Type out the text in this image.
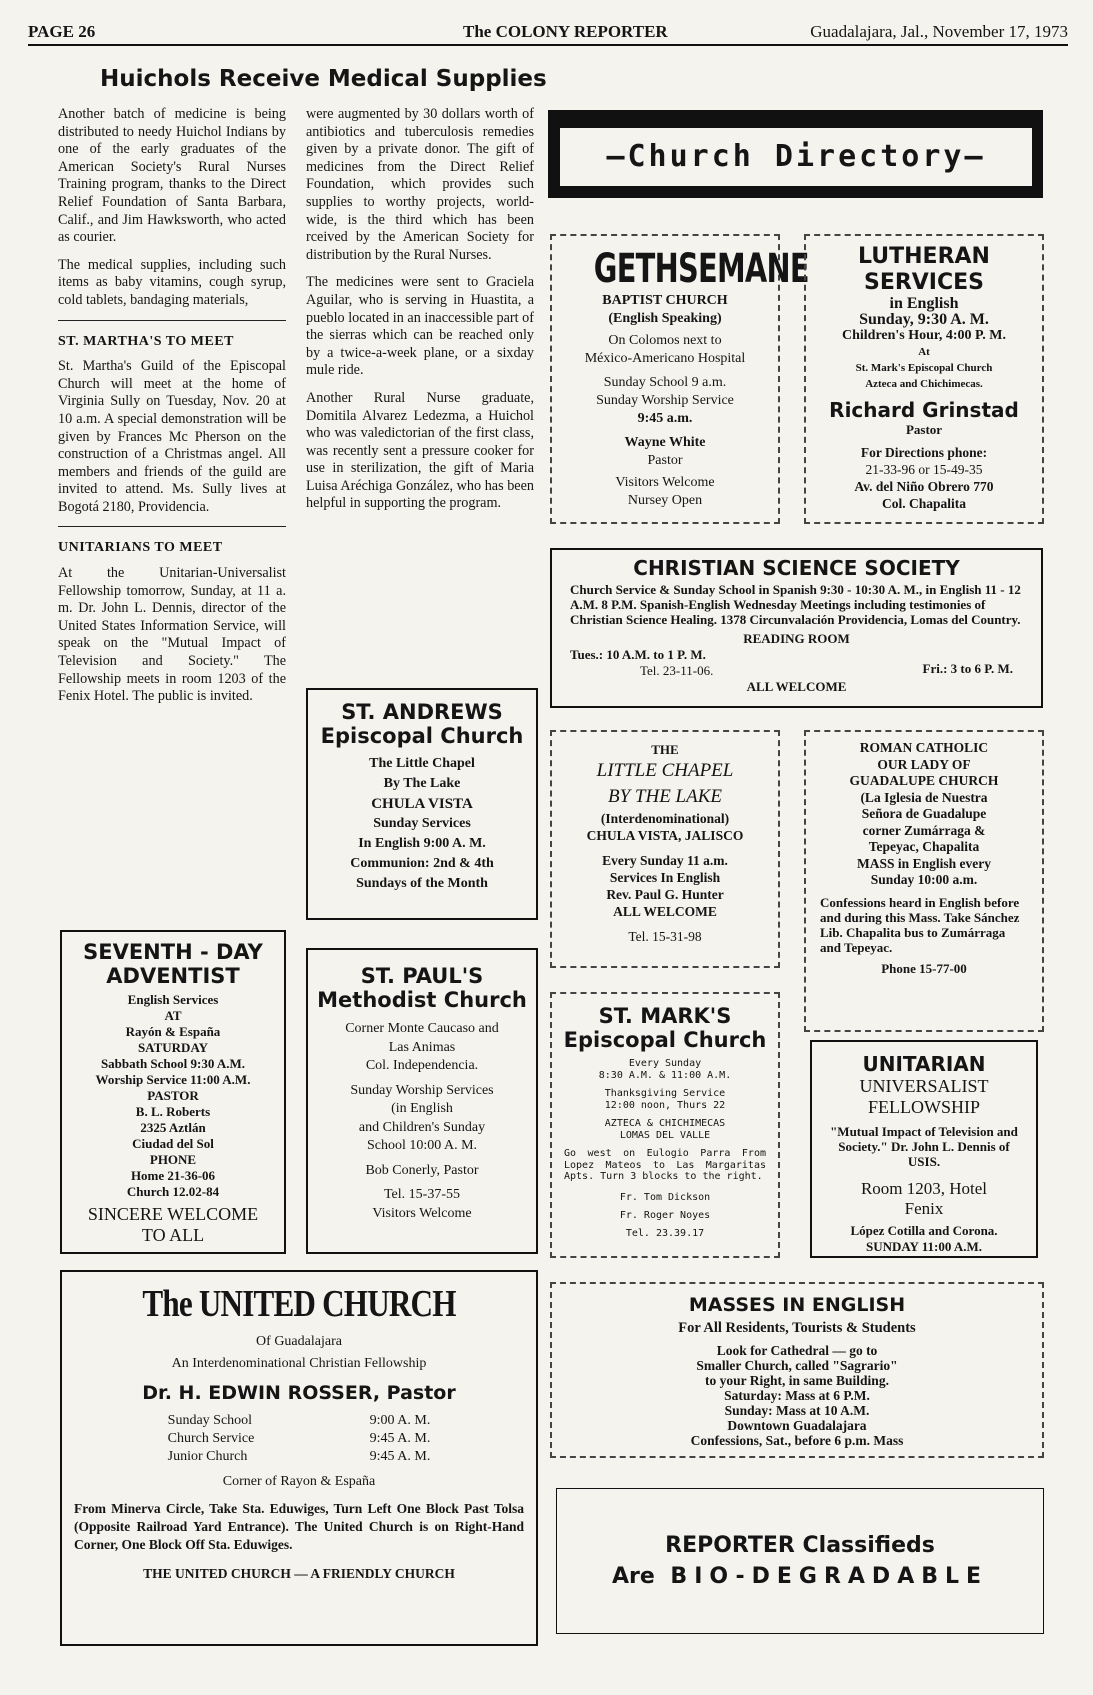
PAGE 26	The COLONY REPORTER	Guadalajara, Jal., November 17, 1973
Huichols Receive Medical Supplies

Another batch of medicine is being distributed to needy Huichol Indians by one of the early graduates of the American Society's Rural Nurses Training program, thanks to the Direct Relief Foundation of Santa Barbara, Calif., and Jim Hawksworth, who acted as courier.

The medical supplies, including such items as baby vitamins, cough syrup, cold tablets, bandaging materials,

ST. MARTHA'S TO MEET

St. Martha's Guild of the Episcopal Church will meet at the home of Virginia Sully on Tuesday, Nov. 20 at 10 a.m. A special demonstration will be given by Frances Mc Pherson on the construction of a Christmas angel. All members and friends of the guild are invited to attend. Ms. Sully lives at Bogotá 2180, Providencia.

UNITARIANS TO MEET

At the Unitarian-Universalist Fellowship tomorrow, Sunday, at 11 a. m. Dr. John L. Dennis, director of the United States Information Service, will speak on the "Mutual Impact of Television and Society." The Fellowship meets in room 1203 of the Fenix Hotel. The public is invited.

were augmented by 30 dollars worth of antibiotics and tuberculosis remedies given by a private donor. The gift of medicines from the Direct Relief Foundation, which provides such supplies to worthy projects, world-wide, is the third which has been rceived by the American Society for distribution by the Rural Nurses.

The medicines were sent to Graciela Aguilar, who is serving in Huastita, a pueblo located in an inaccessible part of the sierras which can be reached only by a twice-a-week plane, or a sixday mule ride.

Another Rural Nurse graduate, Domitila Alvarez Ledezma, a Huichol who was valedictorian of the first class, was recently sent a pressure cooker for use in sterilization, the gift of Maria Luisa Aréchiga González, who has been helpful in supporting the program.

SEVENTH - DAY
ADVENTIST
English Services
AT
Rayón & España
SATURDAY
Sabbath School 9:30 A.M.
Worship Service 11:00 A.M.
PASTOR
B. L. Roberts
2325 Aztlán
Ciudad del Sol
PHONE
Home 21-36-06
Church 12.02-84
SINCERE WELCOME
TO ALL
ST. ANDREWS
Episcopal Church
The Little Chapel
By The Lake
CHULA VISTA
Sunday Services
In English 9:00 A. M.
Communion: 2nd & 4th
Sundays of the Month
ST. PAUL'S
Methodist Church
Corner Monte Caucaso and
Las Animas
Col. Independencia.
Sunday Worship Services
(in English
and Children's Sunday
School 10:00 A. M.
Bob Conerly, Pastor
Tel. 15-37-55
Visitors Welcome
The UNITED CHURCH
Of Guadalajara
An Interdenominational Christian Fellowship
Dr. H. EDWIN ROSSER, Pastor
Sunday School	9:00 A. M.
Church Service	9:45 A. M.
Junior Church	9:45 A. M.
Corner of Rayon & España
From Minerva Circle, Take Sta. Eduwiges, Turn Left One Block Past Tolsa (Opposite Railroad Yard Entrance). The United Church is on Right-Hand Corner, One Block Off Sta. Eduwiges.
THE UNITED CHURCH — A FRIENDLY CHURCH
—Church Directory—
GETHSEMANE
BAPTIST CHURCH
(English Speaking)
On Colomos next to
México-Americano Hospital
Sunday School 9 a.m.
Sunday Worship Service
9:45 a.m.
Wayne White
Pastor
Visitors Welcome
Nursey Open
LUTHERAN
SERVICES
in English
Sunday, 9:30 A. M.
Children's Hour, 4:00 P. M.
At
St. Mark's Episcopal Church
Azteca and Chichimecas.
Richard Grinstad
Pastor
For Directions phone:
21-33-96 or 15-49-35
Av. del Niño Obrero 770
Col. Chapalita
CHRISTIAN SCIENCE SOCIETY
Church Service & Sunday School in Spanish 9:30 - 10:30 A. M., in English 11 - 12 A.M. 8 P.M. Spanish-English Wednesday Meetings including testimonies of Christian Science Healing. 1378 Circunvalación Providencia, Lomas del Country.
READING ROOM
Tues.: 10 A.M. to 1 P. M.
Fri.: 3 to 6 P. M.
Tel. 23-11-06.
ALL WELCOME
THE
LITTLE CHAPEL
BY THE LAKE
(Interdenominational)
CHULA VISTA, JALISCO
Every Sunday 11 a.m.
Services In English
Rev. Paul G. Hunter
ALL WELCOME
Tel. 15-31-98
ROMAN CATHOLIC
OUR LADY OF
GUADALUPE CHURCH
(La Iglesia de Nuestra
Señora de Guadalupe
corner Zumárraga &
Tepeyac, Chapalita
MASS in English every
Sunday 10:00 a.m.
Confessions heard in English before and during this Mass. Take Sánchez Lib. Chapalita bus to Zumárraga and Tepeyac.
Phone 15-77-00
ST. MARK'S
Episcopal Church
Every Sunday
8:30 A.M. & 11:00 A.M.
Thanksgiving Service
12:00 noon, Thurs 22
AZTECA & CHICHIMECAS
LOMAS DEL VALLE
Go west on Eulogio Parra From Lopez Mateos to Las Margaritas Apts. Turn 3 blocks to the right.
Fr. Tom Dickson
Fr. Roger Noyes
Tel. 23.39.17
UNITARIAN
UNIVERSALIST
FELLOWSHIP
"Mutual Impact of Television and Society." Dr. John L. Dennis of USIS.
Room 1203, Hotel
Fenix
López Cotilla and Corona.
SUNDAY 11:00 A.M.
MASSES IN ENGLISH
For All Residents, Tourists & Students
Look for Cathedral — go to
Smaller Church, called "Sagrario"
to your Right, in same Building.
Saturday: Mass at 6 P.M.
Sunday: Mass at 10 A.M.
Downtown Guadalajara
Confessions, Sat., before 6 p.m. Mass
REPORTER Classifieds
Are BIO-DEGRADABLE
